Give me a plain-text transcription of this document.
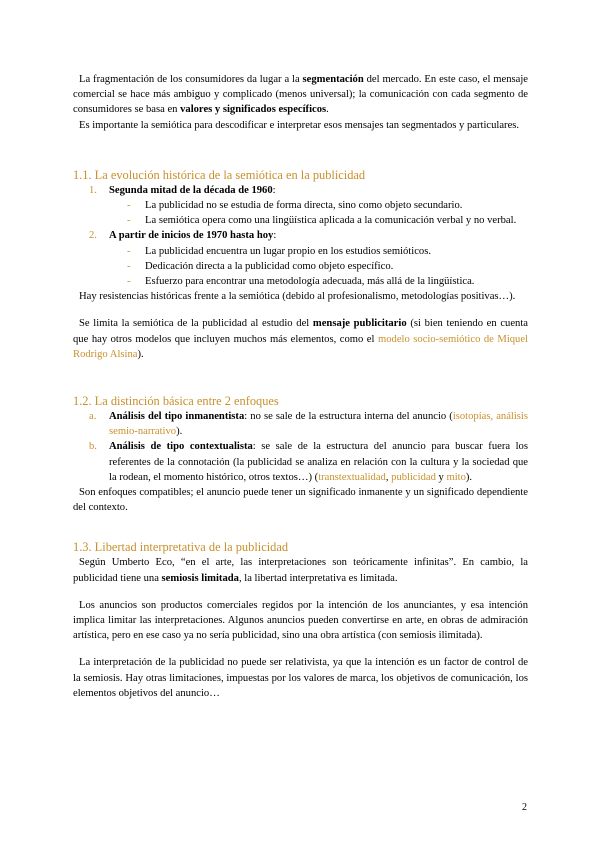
La fragmentación de los consumidores da lugar a la segmentación del mercado. En este caso, el mensaje comercial se hace más ambiguo y complicado (menos universal); la comunicación con cada segmento de consumidores se basa en valores y significados específicos.

Es importante la semiótica para descodificar e interpretar esos mensajes tan segmentados y particulares.

1.1. La evolución histórica de la semiótica en la publicidad
1. Segunda mitad de la década de 1960:
- La publicidad no se estudia de forma directa, sino como objeto secundario.
- La semiótica opera como una lingüística aplicada a la comunicación verbal y no verbal.
2. A partir de inicios de 1970 hasta hoy:
- La publicidad encuentra un lugar propio en los estudios semióticos.
- Dedicación directa a la publicidad como objeto específico.
- Esfuerzo para encontrar una metodología adecuada, más allá de la lingüística.

Hay resistencias históricas frente a la semiótica (debido al profesionalismo, metodologías positivas…).

Se limita la semiótica de la publicidad al estudio del mensaje publicitario (si bien teniendo en cuenta que hay otros modelos que incluyen muchos más elementos, como el modelo socio-semiótico de Miquel Rodrigo Alsina).

1.2. La distinción básica entre 2 enfoques
a. Análisis del tipo inmanentista: no se sale de la estructura interna del anuncio (isotopías, análisis semio-narrativo).
b. Análisis de tipo contextualista: se sale de la estructura del anuncio para buscar fuera los referentes de la connotación (la publicidad se analiza en relación con la cultura y la sociedad que la rodean, el momento histórico, otros textos…) (transtextualidad, publicidad y mito).

Son enfoques compatibles; el anuncio puede tener un significado inmanente y un significado dependiente del contexto.

1.3. Libertad interpretativa de la publicidad

Según Umberto Eco, “en el arte, las interpretaciones son teóricamente infinitas”. En cambio, la publicidad tiene una semiosis limitada, la libertad interpretativa es limitada.

Los anuncios son productos comerciales regidos por la intención de los anunciantes, y esa intención implica limitar las interpretaciones. Algunos anuncios pueden convertirse en arte, en obras de admiración artística, pero en ese caso ya no sería publicidad, sino una obra artística (con semiosis ilimitada).

La interpretación de la publicidad no puede ser relativista, ya que la intención es un factor de control de la semiosis. Hay otras limitaciones, impuestas por los valores de marca, los objetivos de comunicación, los elementos objetivos del anuncio…

2
